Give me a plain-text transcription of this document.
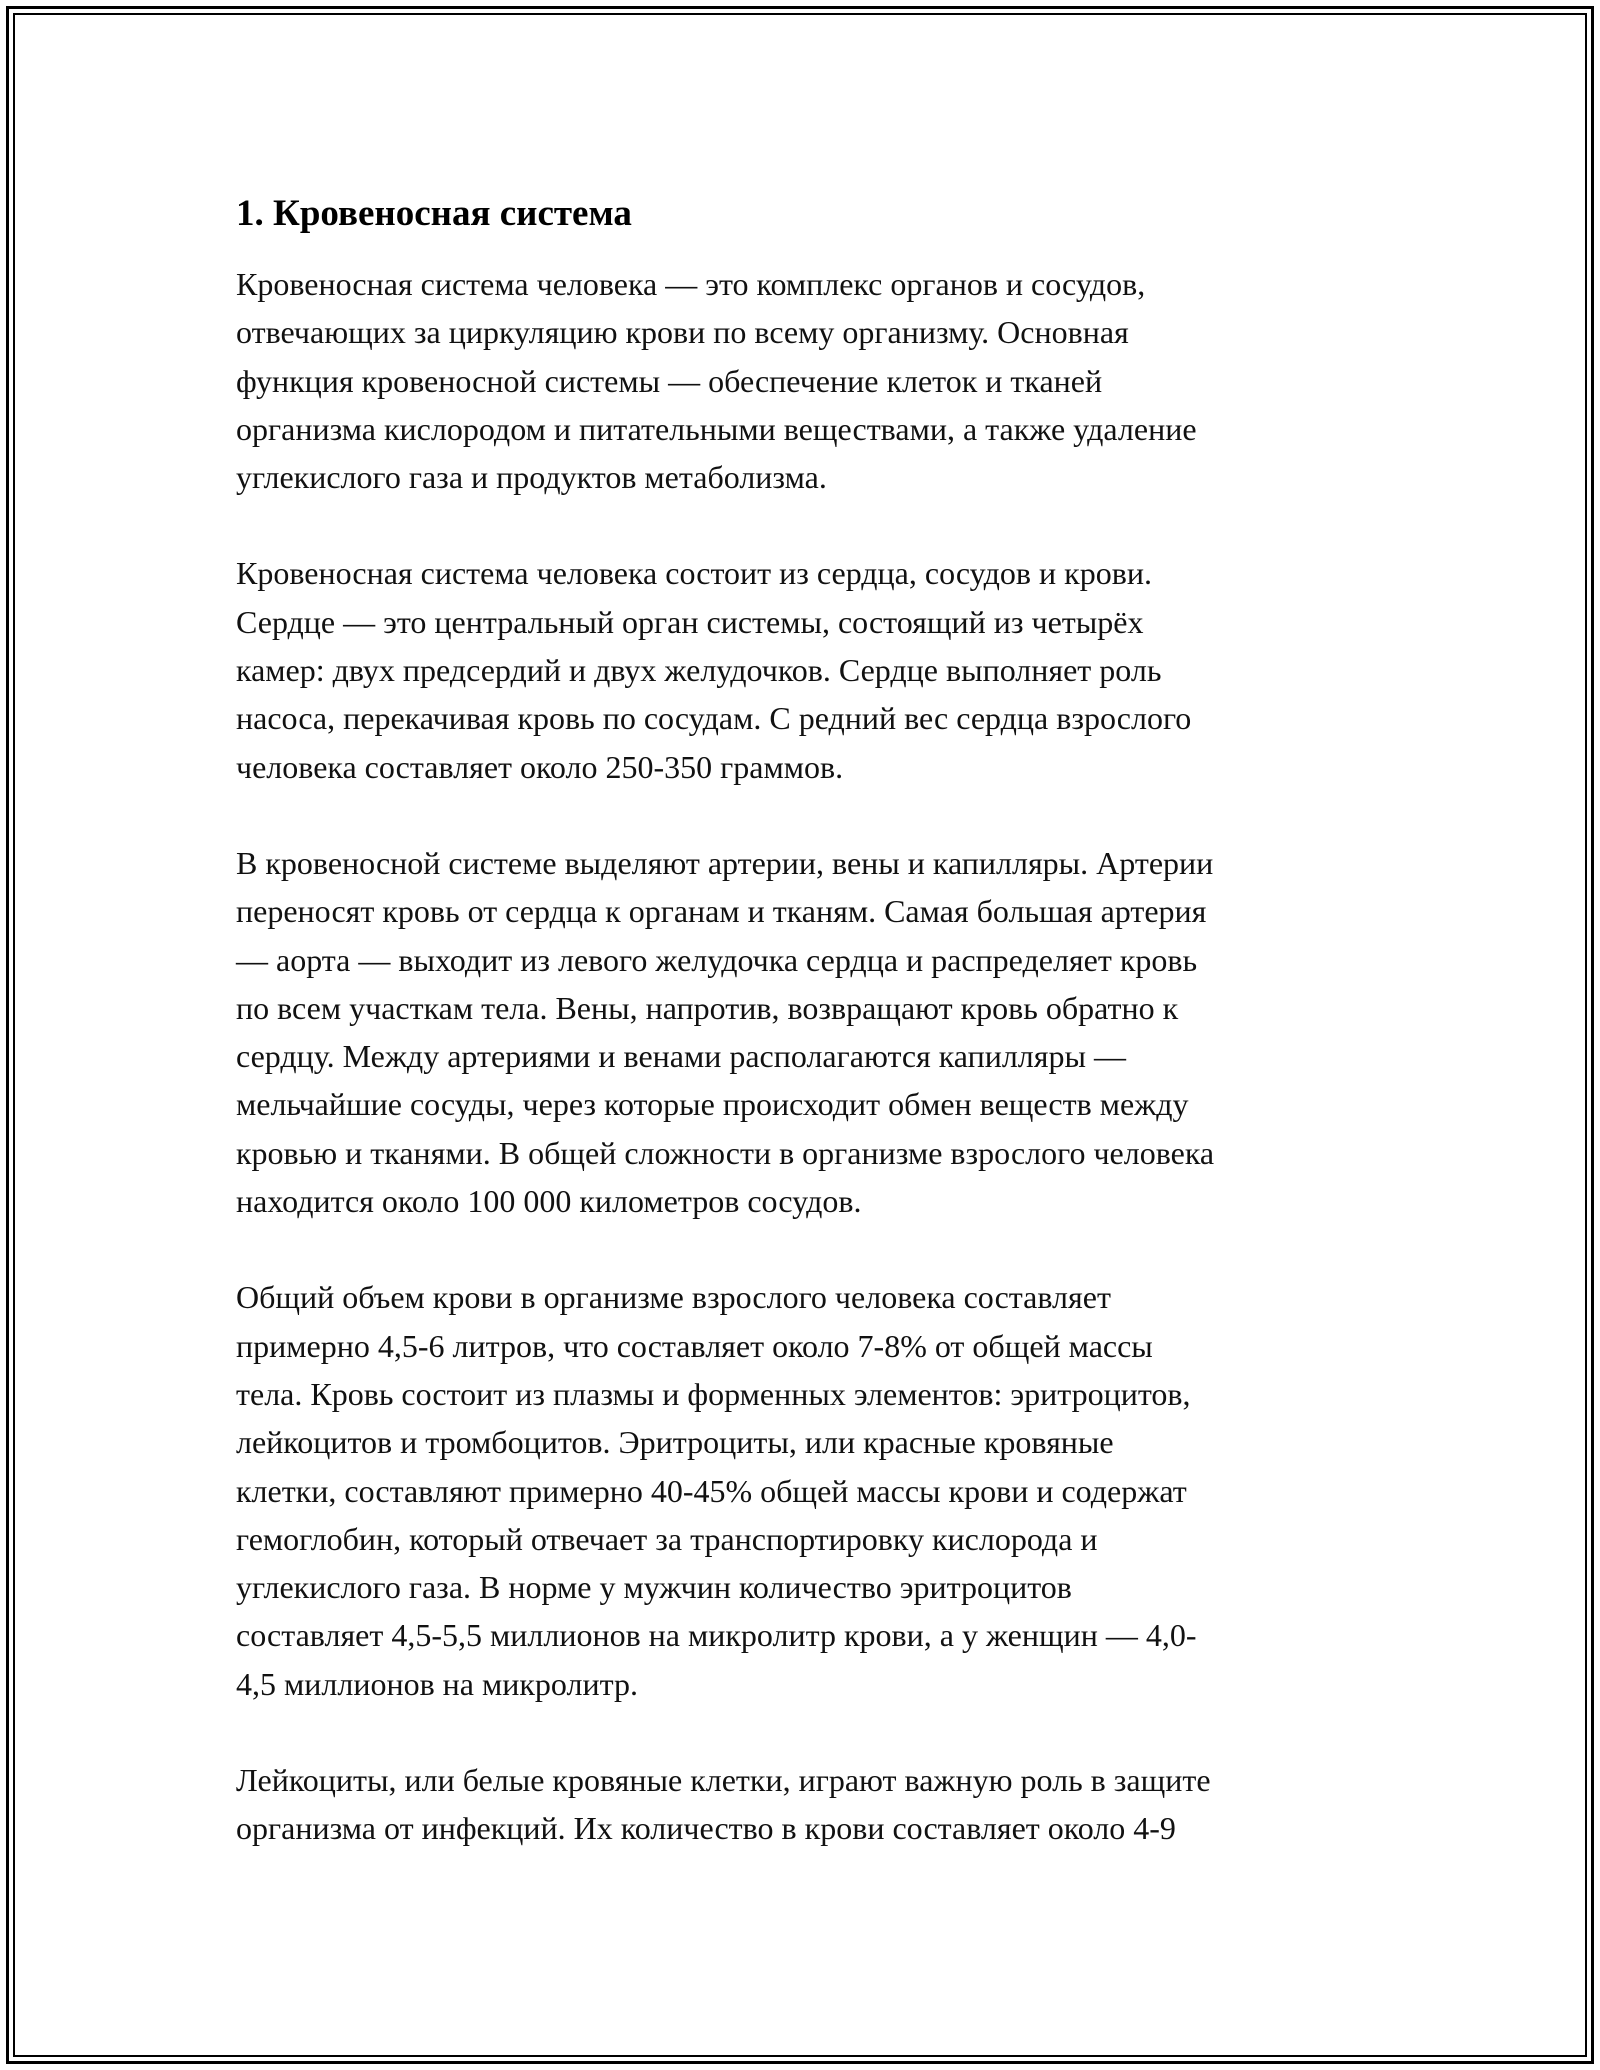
1. Кровеносная система

Кровеносная система человека — это комплекс органов и сосудов,
отвечающих за циркуляцию крови по всему организму. Основная
функция кровеносной системы — обеспечение клеток и тканей
организма кислородом и питательными веществами, а также удаление
углекислого газа и продуктов метаболизма.

Кровеносная система человека состоит из сердца, сосудов и крови.
Сердце — это центральный орган системы, состоящий из четырёх
камер: двух предсердий и двух желудочков. Сердце выполняет роль
насоса, перекачивая кровь по сосудам. С редний вес сердца взрослого
человека составляет около 250-350 граммов.

В кровеносной системе выделяют артерии, вены и капилляры. Артерии
переносят кровь от сердца к органам и тканям. Самая большая артерия
— аорта — выходит из левого желудочка сердца и распределяет кровь
по всем участкам тела. Вены, напротив, возвращают кровь обратно к
сердцу. Между артериями и венами располагаются капилляры —
мельчайшие сосуды, через которые происходит обмен веществ между
кровью и тканями. В общей сложности в организме взрослого человека
находится около 100 000 километров сосудов.

Общий объем крови в организме взрослого человека составляет
примерно 4,5-6 литров, что составляет около 7-8% от общей массы
тела. Кровь состоит из плазмы и форменных элементов: эритроцитов,
лейкоцитов и тромбоцитов. Эритроциты, или красные кровяные
клетки, составляют примерно 40-45% общей массы крови и содержат
гемоглобин, который отвечает за транспортировку кислорода и
углекислого газа. В норме у мужчин количество эритроцитов
составляет 4,5-5,5 миллионов на микролитр крови, а у женщин — 4,0-
4,5 миллионов на микролитр.

Лейкоциты, или белые кровяные клетки, играют важную роль в защите
организма от инфекций. Их количество в крови составляет около 4-9
